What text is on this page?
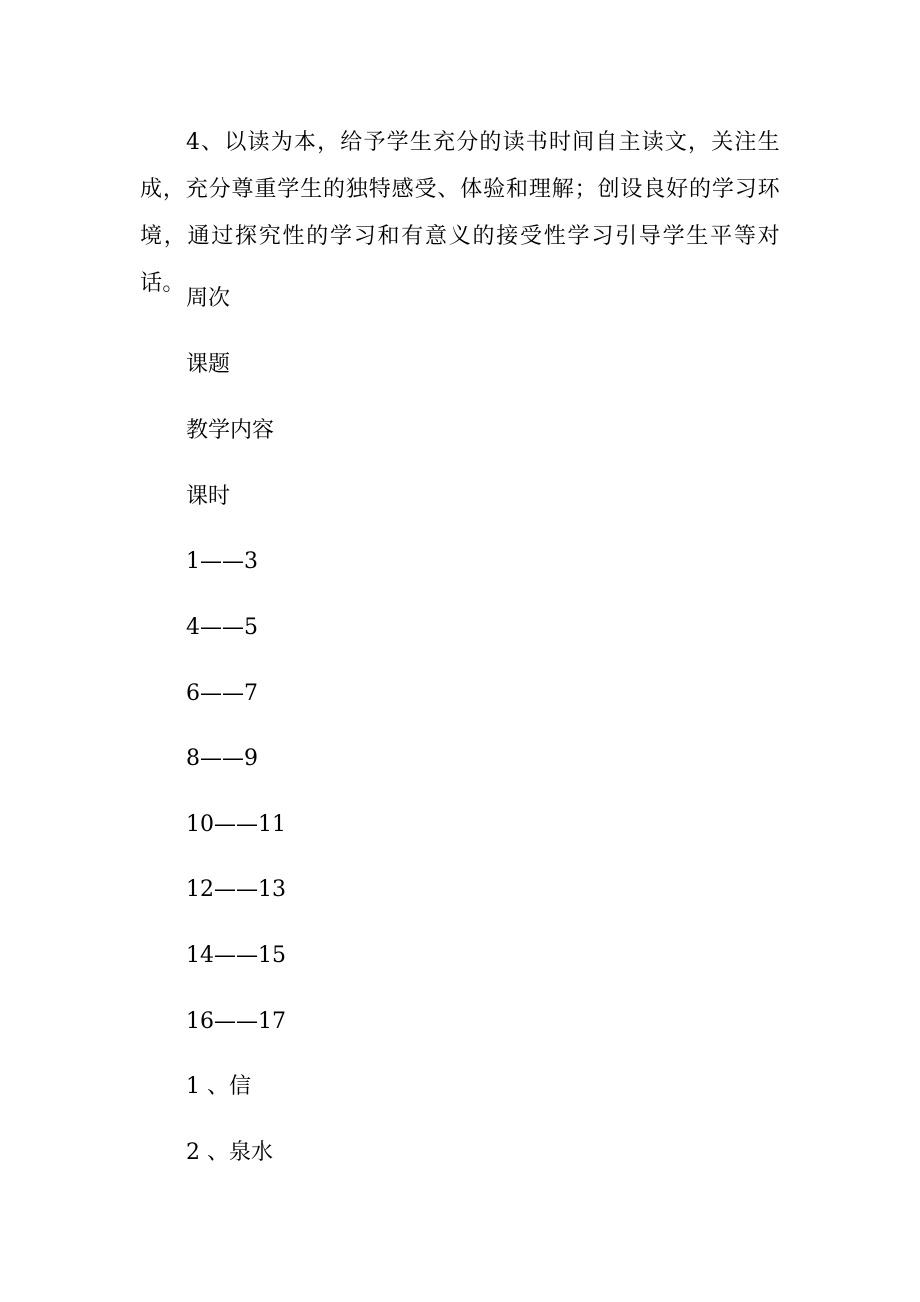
4、以读为本，给予学生充分的读书时间自主读文，关注生成，充分尊重学生的独特感受、体验和理解；创设良好的学习环境，通过探究性的学习和有意义的接受性学习引导学生平等对话。

周次

课题

教学内容

课时

1——3

4——5

6——7

8——9

10——11

12——13

14——15

16——17

1 、信

2 、泉水
